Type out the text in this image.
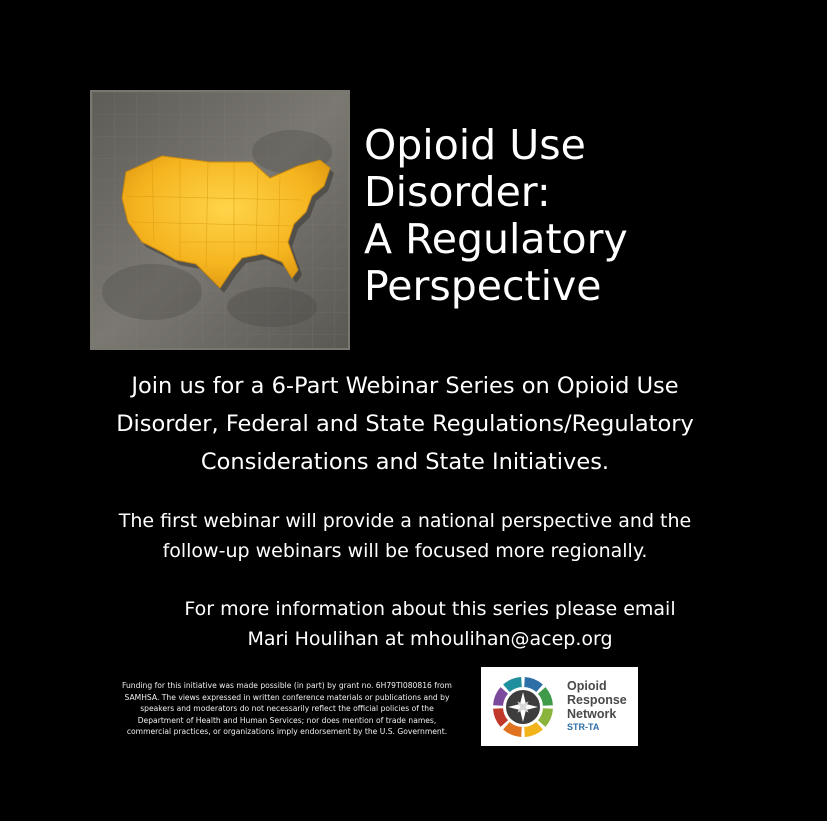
Opioid Use
Disorder:
A Regulatory
Perspective
Join us for a 6-Part Webinar Series on Opioid Use
Disorder, Federal and State Regulations/Regulatory
Considerations and State Initiatives.
The first webinar will provide a national perspective and the
follow-up webinars will be focused more regionally.
For more information about this series please email
Mari Houlihan at mhoulihan@acep.org
Funding for this initiative was made possible (in part) by grant no. 6H79TI080816 from
SAMHSA. The views expressed in written conference materials or publications and by
speakers and moderators do not necessarily reflect the official policies of the
Department of Health and Human Services; nor does mention of trade names,
commercial practices, or organizations imply endorsement by the U.S. Government.
Opioid
Response
Network
STR-TA
